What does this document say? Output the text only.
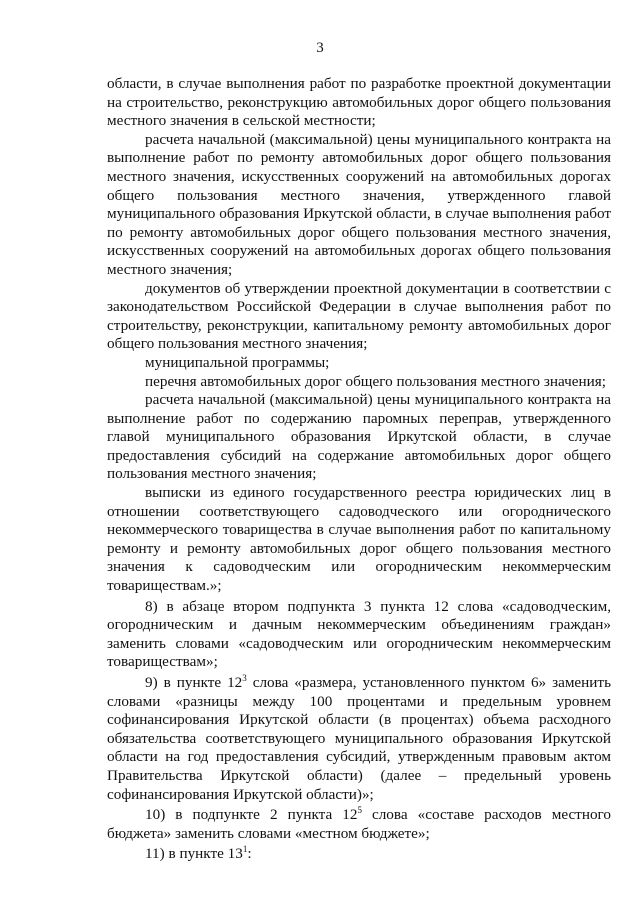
3

области, в случае выполнения работ по разработке проектной документации на строительство, реконструкцию автомобильных дорог общего пользования местного значения в сельской местности;

расчета начальной (максимальной) цены муниципального контракта на выполнение работ по ремонту автомобильных дорог общего пользования местного значения, искусственных сооружений на автомобильных дорогах общего пользования местного значения, утвержденного главой муниципального образования Иркутской области, в случае выполнения работ по ремонту автомобильных дорог общего пользования местного значения, искусственных сооружений на автомобильных дорогах общего пользования местного значения;

документов об утверждении проектной документации в соответствии с законодательством Российской Федерации в случае выполнения работ по строительству, реконструкции, капитальному ремонту автомобильных дорог общего пользования местного значения;

муниципальной программы;

перечня автомобильных дорог общего пользования местного значения;

расчета начальной (максимальной) цены муниципального контракта на выполнение работ по содержанию паромных переправ, утвержденного главой муниципального образования Иркутской области, в случае предоставления субсидий на содержание автомобильных дорог общего пользования местного значения;

выписки из единого государственного реестра юридических лиц в отношении соответствующего садоводческого или огороднического некоммерческого товарищества в случае выполнения работ по капитальному ремонту и ремонту автомобильных дорог общего пользования местного значения к садоводческим или огородническим некоммерческим товариществам.»;

8) в абзаце втором подпункта 3 пункта 12 слова «садоводческим, огородническим и дачным некоммерческим объединениям граждан» заменить словами «садоводческим или огородническим некоммерческим товариществам»;

9) в пункте $12^3$ слова «размера, установленного пунктом 6» заменить словами «разницы между 100 процентами и предельным уровнем софинансирования Иркутской области (в процентах) объема расходного обязательства соответствующего муниципального образования Иркутской области на год предоставления субсидий, утвержденным правовым актом Правительства Иркутской области) (далее – предельный уровень софинансирования Иркутской области)»;

10) в подпункте 2 пункта $12^5$ слова «составе расходов местного бюджета» заменить словами «местном бюджете»;

11) в пункте $13^1$:
